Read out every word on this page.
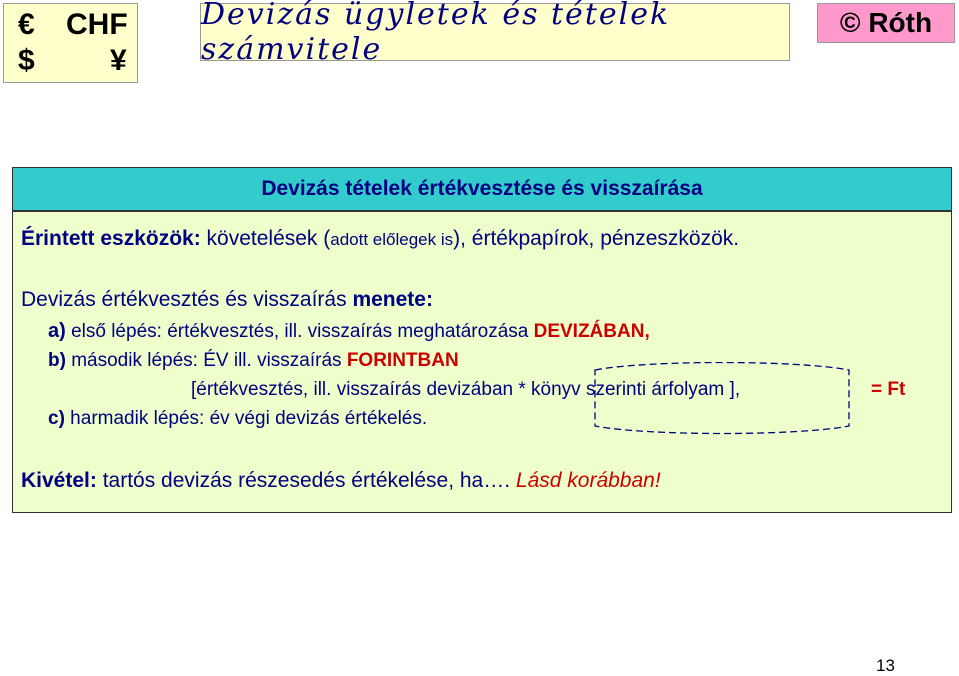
€ CHF
$	¥
Devizás ügyletek és tételek számvitele
© Róth
Devizás tételek értékvesztése és visszaírása
Érintett eszközök: követelések (adott előlegek is), értékpapírok, pénzeszközök.
Devizás értékvesztés és visszaírás menete:
a) első lépés: értékvesztés, ill. visszaírás meghatározása DEVIZÁBAN,
b) második lépés: ÉV ill. visszaírás FORINTBAN
[értékvesztés, ill. visszaírás devizában * könyv szerinti árfolyam ],	= Ft
c) harmadik lépés: év végi devizás értékelés.
Kivétel: tartós devizás részesedés értékelése, ha…. Lásd korábban!
13
